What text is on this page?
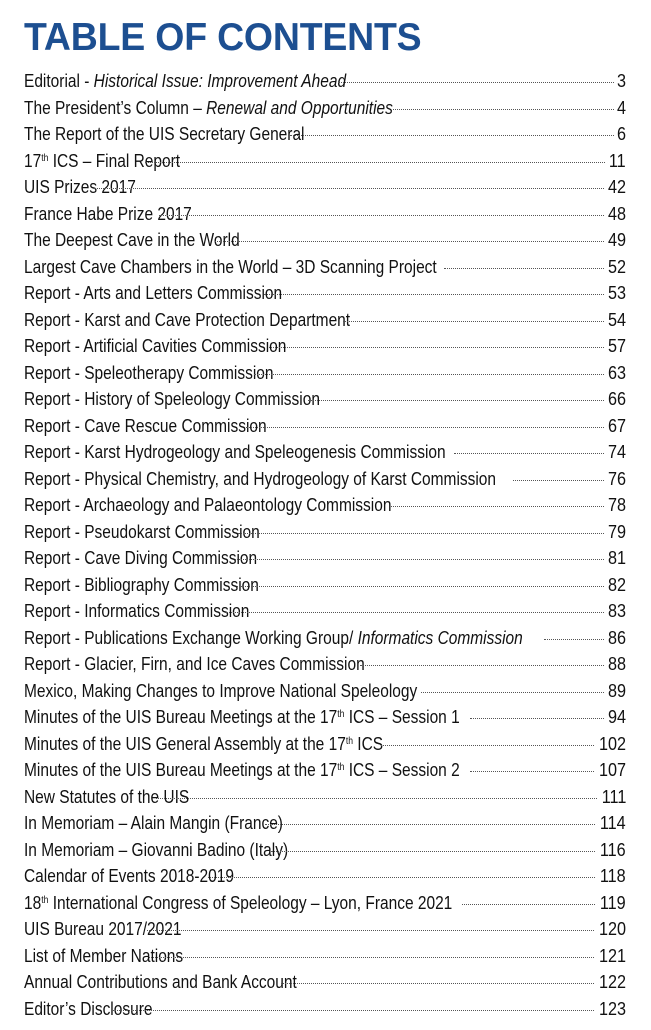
TABLE OF CONTENTS
Editorial - Historical Issue: Improvement Ahead	3
The President’s Column – Renewal and Opportunities	4
The Report of the UIS Secretary General	6
17th ICS – Final Report	11
UIS Prizes 2017	42
France Habe Prize 2017	48
The Deepest Cave in the World	49
Largest Cave Chambers in the World – 3D Scanning Project	52
Report - Arts and Letters Commission	53
Report - Karst and Cave Protection Department	54
Report - Artificial Cavities Commission	57
Report - Speleotherapy Commission	63
Report - History of Speleology Commission	66
Report - Cave Rescue Commission	67
Report - Karst Hydrogeology and Speleogenesis Commission	74
Report - Physical Chemistry, and Hydrogeology of Karst Commission	76
Report - Archaeology and Palaeontology Commission	78
Report - Pseudokarst Commission	79
Report - Cave Diving Commission	81
Report - Bibliography Commission	82
Report - Informatics Commission	83
Report - Publications Exchange Working Group/ Informatics Commission	86
Report - Glacier, Firn, and Ice Caves Commission	88
Mexico, Making Changes to Improve National Speleology	89
Minutes of the UIS Bureau Meetings at the 17th ICS – Session 1	94
Minutes of the UIS General Assembly at the 17th ICS	102
Minutes of the UIS Bureau Meetings at the 17th ICS – Session 2	107
New Statutes of the UIS	111
In Memoriam – Alain Mangin (France)	114
In Memoriam – Giovanni Badino (Italy)	116
Calendar of Events 2018-2019	118
18th International Congress of Speleology – Lyon, France 2021	119
UIS Bureau 2017/2021	120
List of Member Nations	121
Annual Contributions and Bank Account	122
Editor’s Disclosure	123
